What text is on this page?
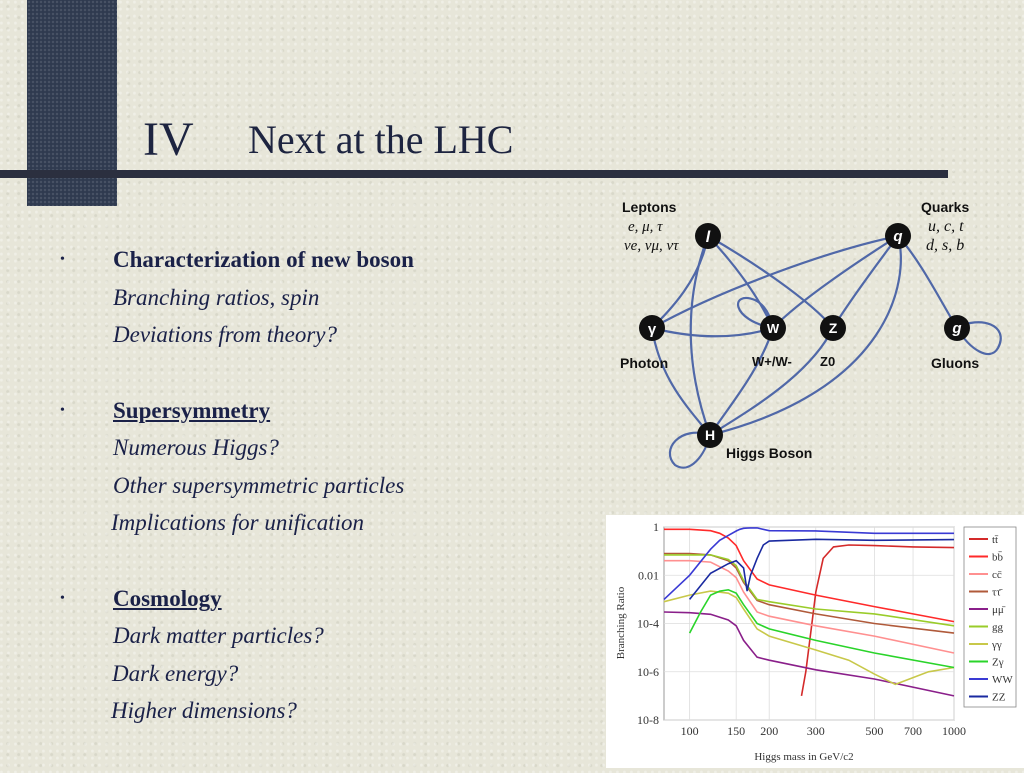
IV Next at the LHC
• Characterization of new boson
Branching ratios, spin
Deviations from theory?
• Supersymmetry
Numerous Higgs?
Other supersymmetric particles
Implications for unification
• Cosmology
Dark matter particles?
Dark energy?
Higher dimensions?
l	q
γ	W	Z	g
H
Leptons
e, μ, τ
νe, νμ, ντ
Quarks
u, c, t
d, s, b
Photon	W+/W- Z0	Gluons
Higgs Boson
1
0.01
10-4
10-6
10-8
100 150 200 300	500 700 1000
Branching Ratio
Higgs mass in GeV/c2
tt̄
bb̄
cc̄
ττ̄
μμ̄
gg
γγ
Zγ
WW
ZZ
